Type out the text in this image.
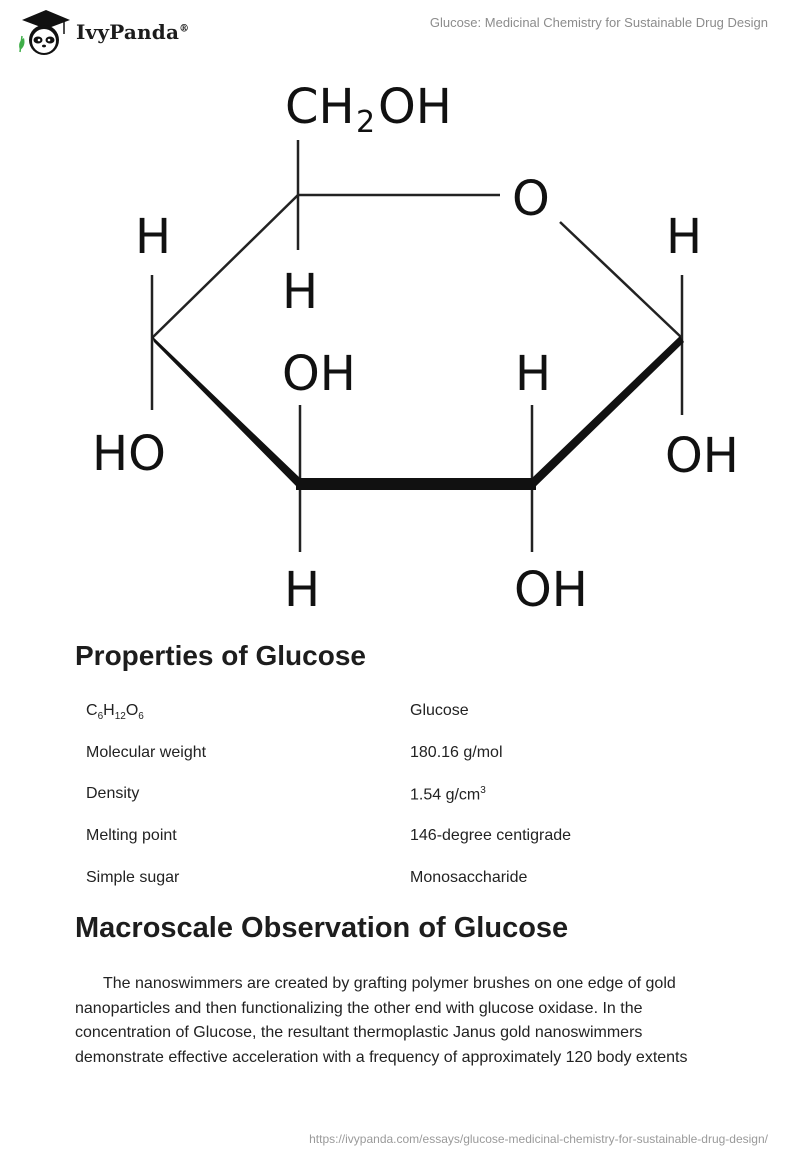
IvyPanda®	Glucose: Medicinal Chemistry for Sustainable Drug Design
CH 2 OH
O
H
H	H
HO
OH	H
OH
H	OH
Properties of Glucose
$C_6H_{12}O_6$	Glucose
Molecular weight	180.16 g/mol
Density	1.54 $g/cm^3$
Melting point	146-degree centigrade
Simple sugar	Monosaccharide
Macroscale Observation of Glucose

The nanoswimmers are created by grafting polymer brushes on one edge of gold nanoparticles and then functionalizing the other end with glucose oxidase. In the concentration of Glucose, the resultant thermoplastic Janus gold nanoswimmers demonstrate effective acceleration with a frequency of approximately 120 body extents

https://ivypanda.com/essays/glucose-medicinal-chemistry-for-sustainable-drug-design/
